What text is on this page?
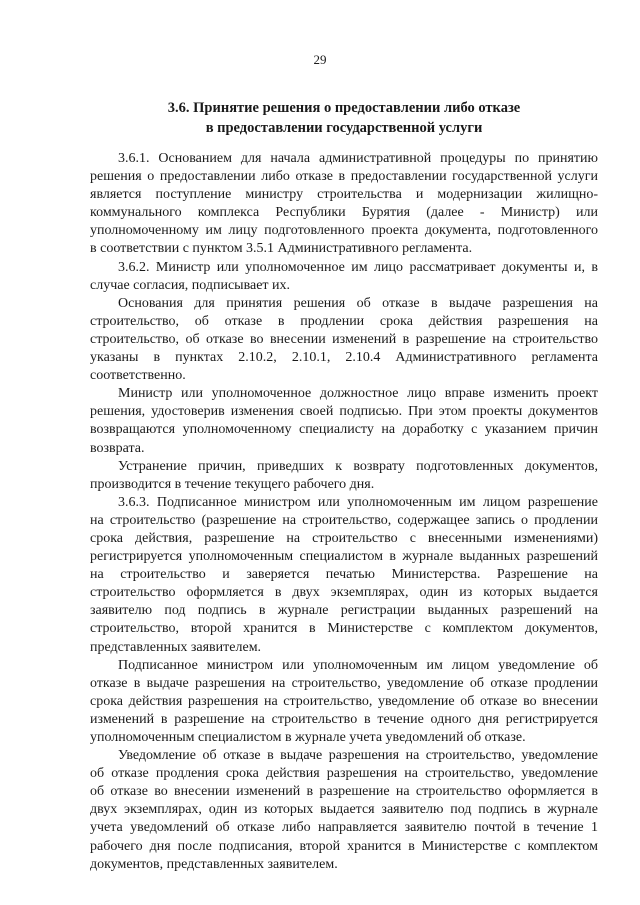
29
3.6. Принятие решения о предоставлении либо отказе
в предоставлении государственной услуги
3.6.1. Основанием для начала административной процедуры по принятию
решения о предоставлении либо отказе в предоставлении государственной услуги
является поступление министру строительства и модернизации жилищно-
коммунального комплекса Республики Бурятия (далее - Министр) или
уполномоченному им лицу подготовленного проекта документа, подготовленного
в соответствии с пунктом 3.5.1 Административного регламента.
3.6.2. Министр или уполномоченное им лицо рассматривает документы и, в
случае согласия, подписывает их.
Основания для принятия решения об отказе в выдаче разрешения на
строительство, об отказе в продлении срока действия разрешения на
строительство, об отказе во внесении изменений в разрешение на строительство
указаны в пунктах 2.10.2, 2.10.1, 2.10.4 Административного регламента
соответственно.
Министр или уполномоченное должностное лицо вправе изменить проект
решения, удостоверив изменения своей подписью. При этом проекты документов
возвращаются уполномоченному специалисту на доработку с указанием причин
возврата.
Устранение причин, приведших к возврату подготовленных документов,
производится в течение текущего рабочего дня.
3.6.3. Подписанное министром или уполномоченным им лицом разрешение
на строительство (разрешение на строительство, содержащее запись о продлении
срока действия, разрешение на строительство с внесенными изменениями)
регистрируется уполномоченным специалистом в журнале выданных разрешений
на строительство и заверяется печатью Министерства. Разрешение на
строительство оформляется в двух экземплярах, один из которых выдается
заявителю под подпись в журнале регистрации выданных разрешений на
строительство, второй хранится в Министерстве с комплектом документов,
представленных заявителем.
Подписанное министром или уполномоченным им лицом уведомление об
отказе в выдаче разрешения на строительство, уведомление об отказе продлении
срока действия разрешения на строительство, уведомление об отказе во внесении
изменений в разрешение на строительство в течение одного дня регистрируется
уполномоченным специалистом в журнале учета уведомлений об отказе.
Уведомление об отказе в выдаче разрешения на строительство, уведомление
об отказе продления срока действия разрешения на строительство, уведомление
об отказе во внесении изменений в разрешение на строительство оформляется в
двух экземплярах, один из которых выдается заявителю под подпись в журнале
учета уведомлений об отказе либо направляется заявителю почтой в течение 1
рабочего дня после подписания, второй хранится в Министерстве с комплектом
документов, представленных заявителем.
